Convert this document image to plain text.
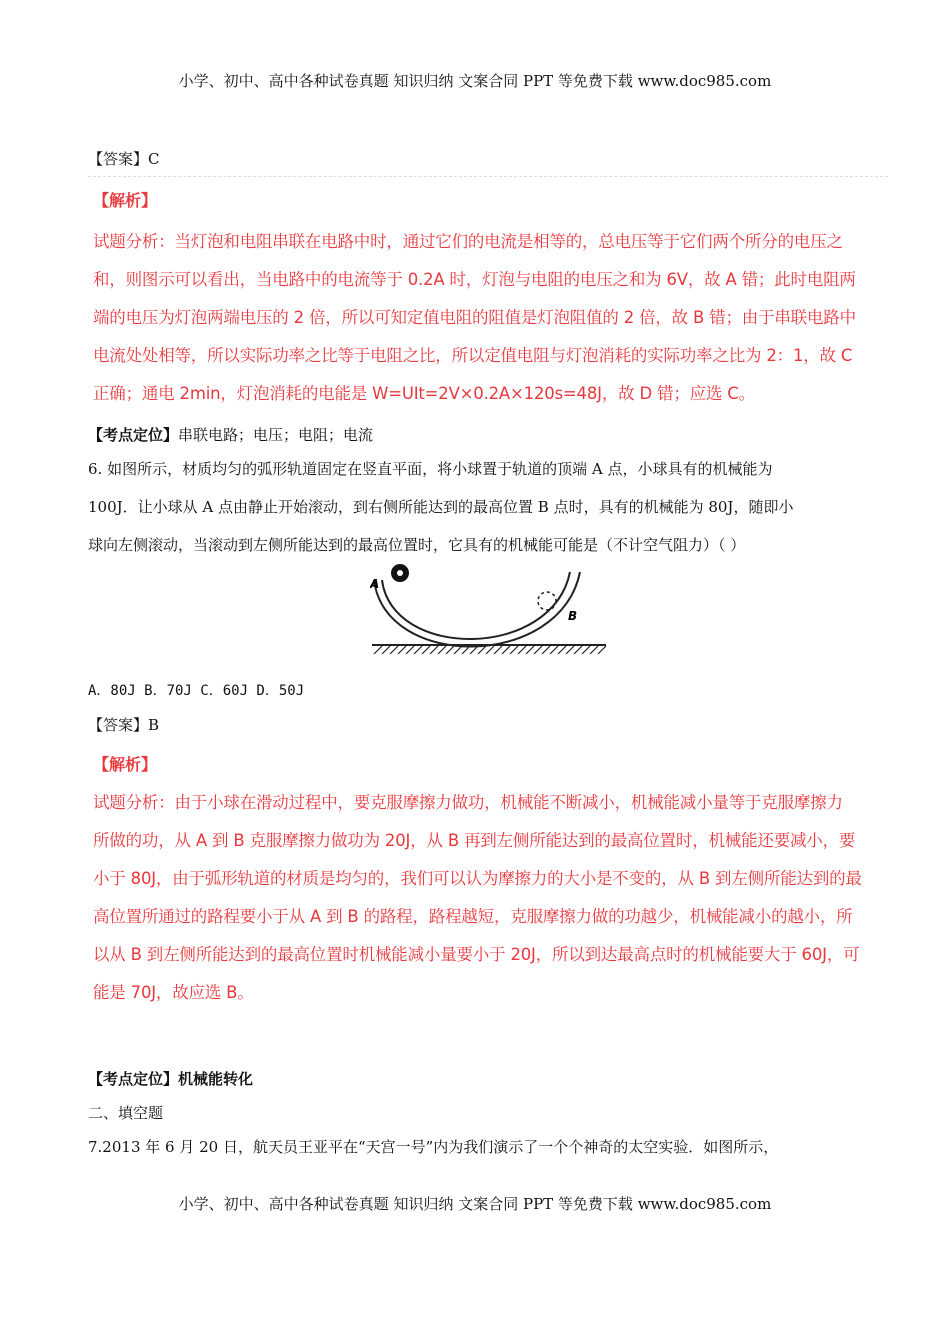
小学、初中、高中各种试卷真题 知识归纳 文案合同 PPT 等免费下载 www.doc985.com
【答案】C
【解析】
试题分析：当灯泡和电阻串联在电路中时，通过它们的电流是相等的，总电压等于它们两个所分的电压之
和，则图示可以看出，当电路中的电流等于 0.2A 时，灯泡与电阻的电压之和为 6V，故 A 错；此时电阻两
端的电压为灯泡两端电压的 2 倍，所以可知定值电阻的阻值是灯泡阻值的 2 倍，故 B 错；由于串联电路中
电流处处相等，所以实际功率之比等于电阻之比，所以定值电阻与灯泡消耗的实际功率之比为 2：1，故 C
正确；通电 2min，灯泡消耗的电能是 W=UIt=2V×0.2A×120s=48J，故 D 错；应选 C。
【考点定位】串联电路；电压；电阻；电流
6. 如图所示，材质均匀的弧形轨道固定在竖直平面，将小球置于轨道的顶端 A 点，小球具有的机械能为
100J．让小球从 A 点由静止开始滚动，到右侧所能达到的最高位置 B 点时，具有的机械能为 80J，随即小
球向左侧滚动，当滚动到左侧所能达到的最高位置时，它具有的机械能可能是（不计空气阻力）（ ）
A
B
A．80J B．70J C．60J D．50J
【答案】B
【解析】
试题分析：由于小球在滑动过程中，要克服摩擦力做功，机械能不断减小，机械能减小量等于克服摩擦力
所做的功，从 A 到 B 克服摩擦力做功为 20J，从 B 再到左侧所能达到的最高位置时，机械能还要减小，要
小于 80J，由于弧形轨道的材质是均匀的，我们可以认为摩擦力的大小是不变的，从 B 到左侧所能达到的最
高位置所通过的路程要小于从 A 到 B 的路程，路程越短，克服摩擦力做的功越少，机械能减小的越小，所
以从 B 到左侧所能达到的最高位置时机械能减小量要小于 20J，所以到达最高点时的机械能要大于 60J，可
能是 70J，故应选 B。
【考点定位】机械能转化
二、填空题
7.2013 年 6 月 20 日，航天员王亚平在“天宫一号”内为我们演示了一个个神奇的太空实验．如图所示，
小学、初中、高中各种试卷真题 知识归纳 文案合同 PPT 等免费下载 www.doc985.com
